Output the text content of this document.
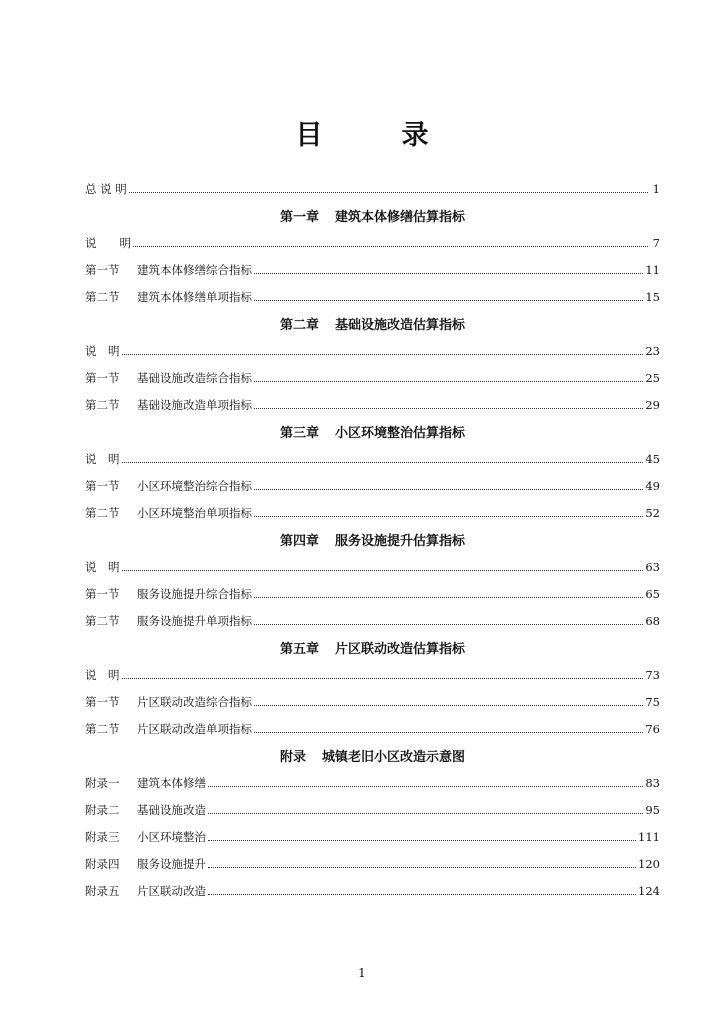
目　录
总 说 明	1
第一章 建筑本体修缮估算指标
说　　明	7
第一节 建筑本体修缮综合指标	11
第二节 建筑本体修缮单项指标	15
第二章 基础设施改造估算指标
说　明	23
第一节 基础设施改造综合指标	25
第二节 基础设施改造单项指标	29
第三章 小区环境整治估算指标
说　明	45
第一节 小区环境整治综合指标	49
第二节 小区环境整治单项指标	52
第四章 服务设施提升估算指标
说　明	63
第一节 服务设施提升综合指标	65
第二节 服务设施提升单项指标	68
第五章 片区联动改造估算指标
说　明	73
第一节 片区联动改造综合指标	75
第二节 片区联动改造单项指标	76
附录 城镇老旧小区改造示意图
附录一 建筑本体修缮	83
附录二 基础设施改造	95
附录三 小区环境整治	111
附录四 服务设施提升	120
附录五 片区联动改造	124
1
